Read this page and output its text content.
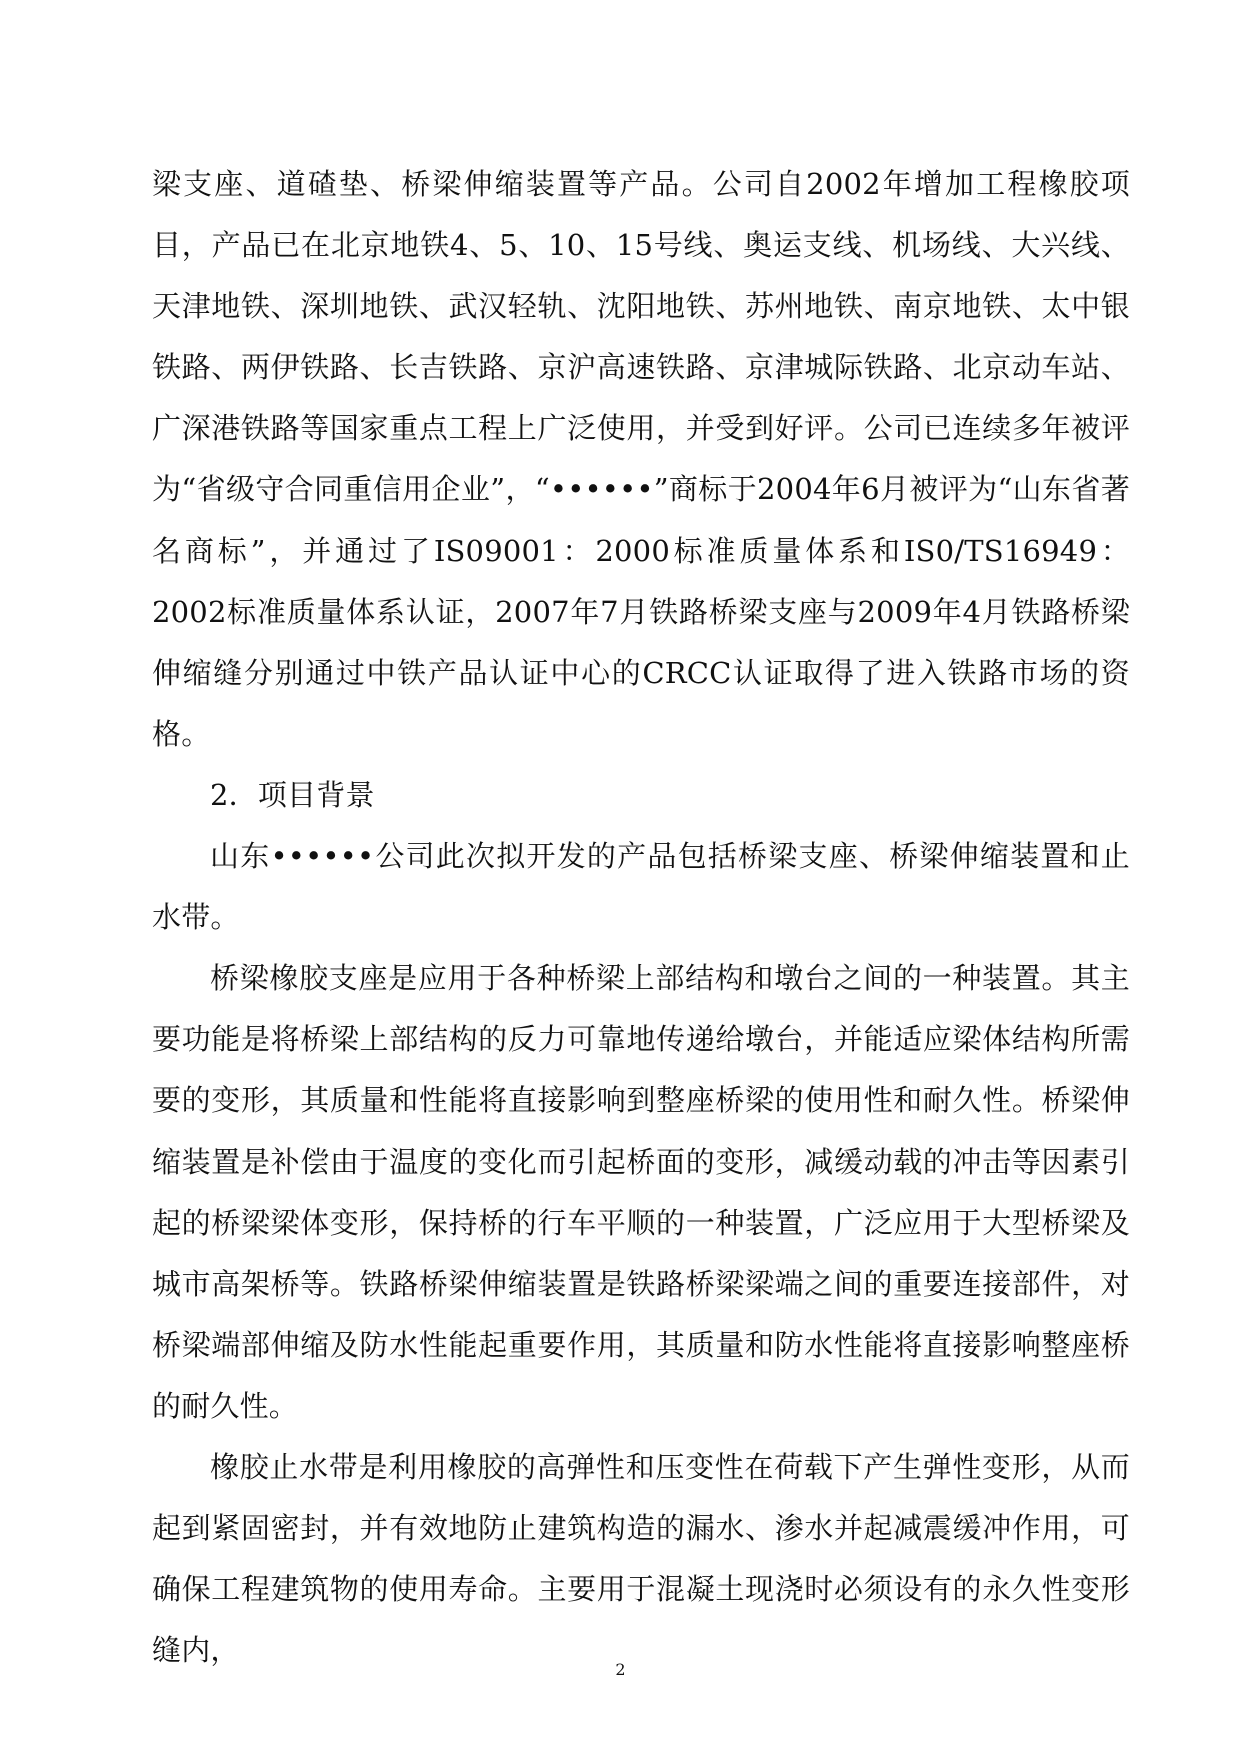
梁支座、道碴垫、桥梁伸缩装置等产品。公司自2002年增加工程橡胶项目，产品已在北京地铁4、5、10、15号线、奥运支线、机场线、大兴线、天津地铁、深圳地铁、武汉轻轨、沈阳地铁、苏州地铁、南京地铁、太中银铁路、两伊铁路、长吉铁路、京沪高速铁路、京津城际铁路、北京动车站、广深港铁路等国家重点工程上广泛使用，并受到好评。公司已连续多年被评为“省级守合同重信用企业”，“••••••”商标于2004年6月被评为“山东省著名商标”，并通过了IS09001：2000标准质量体系和IS0/TS16949：2002标准质量体系认证，2007年7月铁路桥梁支座与2009年4月铁路桥梁伸缩缝分别通过中铁产品认证中心的CRCC认证取得了进入铁路市场的资格。

2．项目背景

山东••••••公司此次拟开发的产品包括桥梁支座、桥梁伸缩装置和止水带。

桥梁橡胶支座是应用于各种桥梁上部结构和墩台之间的一种装置。其主要功能是将桥梁上部结构的反力可靠地传递给墩台，并能适应梁体结构所需要的变形，其质量和性能将直接影响到整座桥梁的使用性和耐久性。桥梁伸缩装置是补偿由于温度的变化而引起桥面的变形，减缓动载的冲击等因素引起的桥梁梁体变形，保持桥的行车平顺的一种装置，广泛应用于大型桥梁及城市高架桥等。铁路桥梁伸缩装置是铁路桥梁梁端之间的重要连接部件，对桥梁端部伸缩及防水性能起重要作用，其质量和防水性能将直接影响整座桥的耐久性。

橡胶止水带是利用橡胶的高弹性和压变性在荷载下产生弹性变形，从而起到紧固密封，并有效地防止建筑构造的漏水、渗水并起减震缓冲作用，可确保工程建筑物的使用寿命。主要用于混凝土现浇时必须设有的永久性变形缝内，

2
